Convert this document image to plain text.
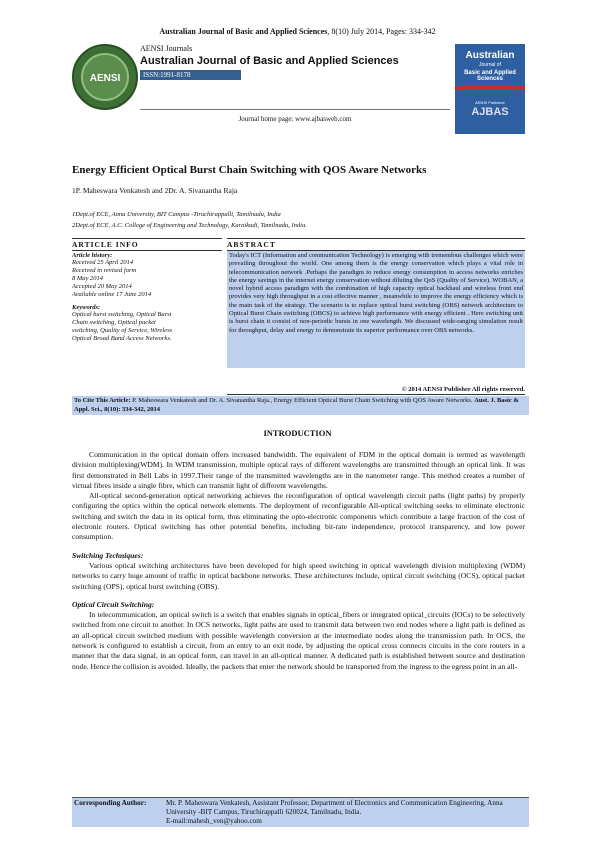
Australian Journal of Basic and Applied Sciences, 8(10) July 2014, Pages: 334-342
AENSI
AENSI Journals
Australian Journal of Basic and Applied Sciences
ISSN:1991-8178
Journal home page: www.ajbasweb.com
Australian
Journal of
Basic and Applied Sciences
AENSI Publisher
AJBAS
Energy Efficient Optical Burst Chain Switching with QOS Aware Networks
1P. Maheswara Venkatesh and 2Dr. A. Sivanantha Raja
1Dept.of ECE, Anna University, BIT Campus -Tiruchirappalli, Tamilnadu, India
2Dept.of ECE, A.C. College of Engineering and Technology, Karaikudi, Tamilnadu, India.
ARTICLE INFO
Article history:
Received 25 April 2014
Received in revised form
8 May 2014
Accepted 20 May 2014
Available online 17 June 2014
Keywords:
Optical burst switching, Optical Burst
Chain switching, Optical packet
switching, Quality of Service, Wireless
Optical Broad Band Access Networks.
ABSTRACT
Today's ICT (Information and communication Technology) is emerging with tremendous challenges which were prevailing throughout the world. One among them is the energy conservation which plays a vital role in telecommunication network .Perhaps the paradigm to reduce energy consumption in access networks enriches the energy savings in the internet energy conservation without diluting the QoS (Quality of Service). WOBAN, a novel hybrid access paradigm with the combination of high capacity optical backhaul and wireless front end provides very high throughput in a cost effective manner , meanwhile to improve the energy efficiency which is the main task of the strategy. The scenario is to replace optical burst switching (OBS) network architecture to Optical Burst Chain switching (OBCS) to achieve high performance with energy efficient . Here switching unit is burst chain it consist of non-periodic bursts in one wavelength. We discussed wide-ranging simulation result for throughput, delay and energy to demonstrate its superior performance over OBS networks.
© 2014 AENSI Publisher All rights reserved.
To Cite This Article: P. Maheswara Venkatesh and Dr. A. Sivanantha Raja., Energy Efficient Optical Burst Chain Switching with QOS Aware Networks. Aust. J. Basic & Appl. Sci., 8(10): 334-342, 2014
INTRODUCTION

Communication in the optical domain offers increased bandwidth. The equivalent of FDM in the optical domain is termed as wavelength division multiplexing(WDM). In WDM transmission, multiple optical rays of different wavelengths are transmitted through an optical link. It was first demonstrated in Bell Labs in 1997.Their range of the transmitted wavelengths are in the nanometer range. This method creates a number of virtual fibres inside a single fibre, which can transmit light of different wavelengths.

All-optical second-generation optical networking achieves the reconfiguration of optical wavelength circuit paths (light paths) by properly configuring the optics within the optical network elements. The deployment of reconfigurable All-optical switching seeks to eliminate electronic switching and switch the data in its optical form, thus eliminating the opto-electronic components which contribute a large fraction of the cost of electronic routers. Optical switching has other potential benefits, including bit-rate independence, protocol transparency, and low power consumption.

Switching Techniques:

Various optical switching architectures have been developed for high speed switching in optical wavelength division multiplexing (WDM) networks to carry huge amount of traffic in optical backbone networks. These architectures include, optical circuit switching (OCS), optical packet switching (OPS), optical burst switching (OBS).

Optical Circuit Switching:

In telecommunication, an optical switch is a switch that enables signals in optical_fibers or integrated optical_circuits (IOCs) to be selectively switched from one circuit to another. In OCS networks, light paths are used to transmit data between two end nodes where a light path is defined as an all-optical circuit switched medium with possible wavelength conversion at the intermediate nodes along the transmission path. In OCS, the network is configured to establish a circuit, from an entry to an exit node, by adjusting the optical cross connects circuits in the core routers in a manner that the data signal, in an optical form, can travel in an all-optical manner. A dedicated path is established between source and destination node. Hence the collision is avoided. Ideally, the packets that enter the network should be transported from the ingress to the egress point in an all-

Corresponding Author:	Mr. P. Maheswara Venkatesh, Assistant Professor, Department of Electronics and Communication Engineering, Anna University -BIT Campus, Tiruchirappalli 620024, Tamilnadu, India.
E-mail:mahesh_ven@yahoo.com
